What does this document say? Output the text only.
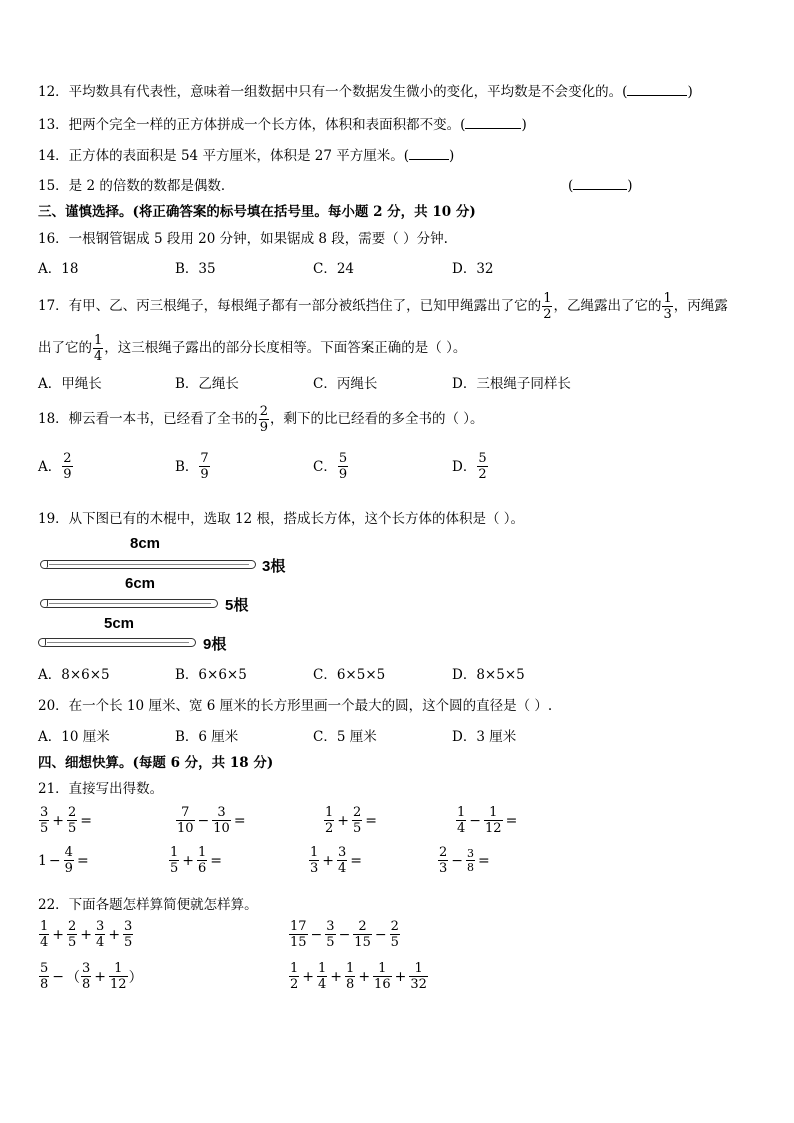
12．平均数具有代表性，意味着一组数据中只有一个数据发生微小的变化，平均数是不会变化的。(	)
13．把两个完全一样的正方体拼成一个长方体，体积和表面积都不变。(	)
14．正方体的表面积是 54 平方厘米，体积是 27 平方厘米。(	)
15．是 2 的倍数的数都是偶数．	(	)
三、谨慎选择。(将正确答案的标号填在括号里。每小题 2 分，共 10 分)
16．一根钢管锯成 5 段用 20 分钟，如果锯成 8 段，需要（ ）分钟.
A．18	B．35	C．24	D．32
17．有甲、乙、丙三根绳子，每根绳子都有一部分被纸挡住了，已知甲绳露出了它的 $\frac{1}{2}$ ，乙绳露出了它的 $\frac{1}{3}$ ，丙绳露
出了它的 $\frac{1}{4}$ ，这三根绳子露出的部分长度相等。下面答案正确的是（ ）。
A．甲绳长	B．乙绳长	C．丙绳长	D．三根绳子同样长
18．柳云看一本书，已经看了全书的 $\frac{2}{9}$ ，剩下的比已经看的多全书的（ ）。
A． $\frac{2}{9}$	B． $\frac{7}{9}$	C． $\frac{5}{9}$	D． $\frac{5}{2}$
19．从下图已有的木棍中，选取 12 根，搭成长方体，这个长方体的体积是（ ）。
8cm
3根
6cm
5根
5cm
9根
A．8×6×5	B．6×6×5	C．6×5×5	D．8×5×5
20．在一个长 10 厘米、宽 6 厘米的长方形里画一个最大的圆，这个圆的直径是（ ）.
A．10 厘米	B．6 厘米	C．5 厘米	D．3 厘米
四、细想快算。(每题 6 分，共 18 分)
21．直接写出得数。
$\frac{3}{5} + \frac{2}{5}$ =	$\frac{7}{10} - \frac{3}{10}$ =	$\frac{1}{2} + \frac{2}{5}$ =	$\frac{1}{4} - \frac{1}{12}$ =
$1 - \frac{4}{9}$ =	$\frac{1}{5} + \frac{1}{6}$ =	$\frac{1}{3} + \frac{3}{4}$ =	$\frac{2}{3} - \frac{3}{8}$ =
22．下面各题怎样算简便就怎样算。
$\frac{1}{4} + \frac{2}{5} + \frac{3}{4} + \frac{3}{5}$	$\frac{17}{15} - \frac{3}{5} - \frac{2}{15} - \frac{2}{5}$
$\frac{5}{8}$ − （ $\frac{3}{8} + \frac{1}{12}$ ）	$\frac{1}{2} + \frac{1}{4} + \frac{1}{8} + \frac{1}{16} + \frac{1}{32}$
